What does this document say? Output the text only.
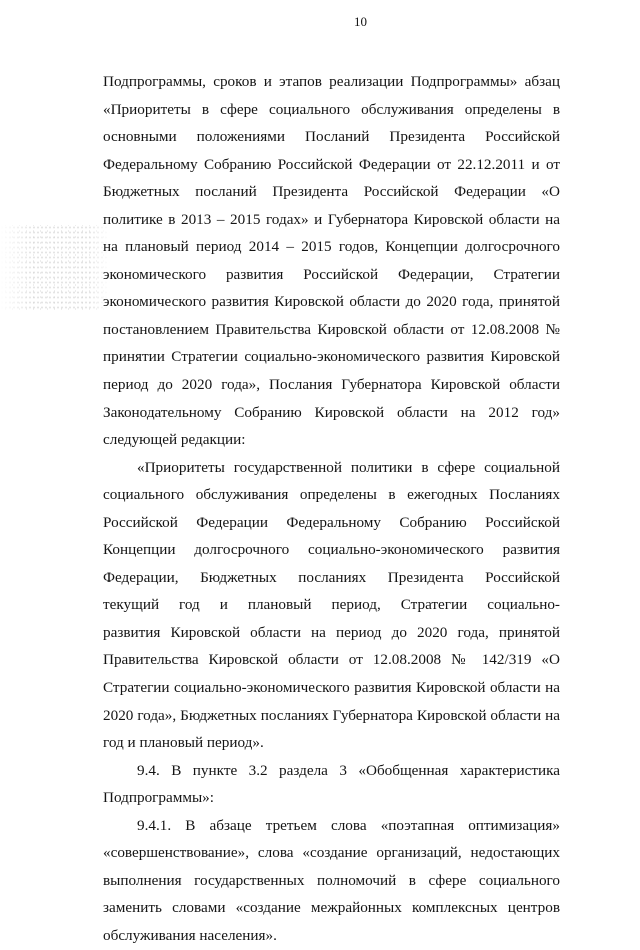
10
Подпрограммы, сроков и этапов реализации Подпрограммы» абзац
«Приоритеты в сфере социального обслуживания определены в
основными положениями Посланий Президента Российской
Федеральному Собранию Российской Федерации от 22.12.2011 и от
Бюджетных посланий Президента Российской Федерации «О
политике в 2013 – 2015 годах» и Губернатора Кировской области на
на плановый период 2014 – 2015 годов, Концепции долгосрочного
экономического развития Российской Федерации, Стратегии
экономического развития Кировской области до 2020 года, принятой
постановлением Правительства Кировской области от 12.08.2008 №
принятии Стратегии социально-экономического развития Кировской
период до 2020 года», Послания Губернатора Кировской области
Законодательному Собранию Кировской области на 2012 год»
следующей редакции:
«Приоритеты государственной политики в сфере социальной
социального обслуживания определены в ежегодных Посланиях
Российской Федерации Федеральному Собранию Российской
Концепции долгосрочного социально-экономического развития
Федерации, Бюджетных посланиях Президента Российской
текущий год и плановый период, Стратегии социально-
развития Кировской области на период до 2020 года, принятой
Правительства Кировской области от 12.08.2008 № 142/319 «О
Стратегии социально-экономического развития Кировской области на
2020 года», Бюджетных посланиях Губернатора Кировской области на
год и плановый период».
9.4. В пункте 3.2 раздела 3 «Обобщенная характеристика
Подпрограммы»:
9.4.1. В абзаце третьем слова «поэтапная оптимизация»
«совершенствование», слова «создание организаций, недостающих
выполнения государственных полномочий в сфере социального
заменить словами «создание межрайонных комплексных центров
обслуживания населения».
